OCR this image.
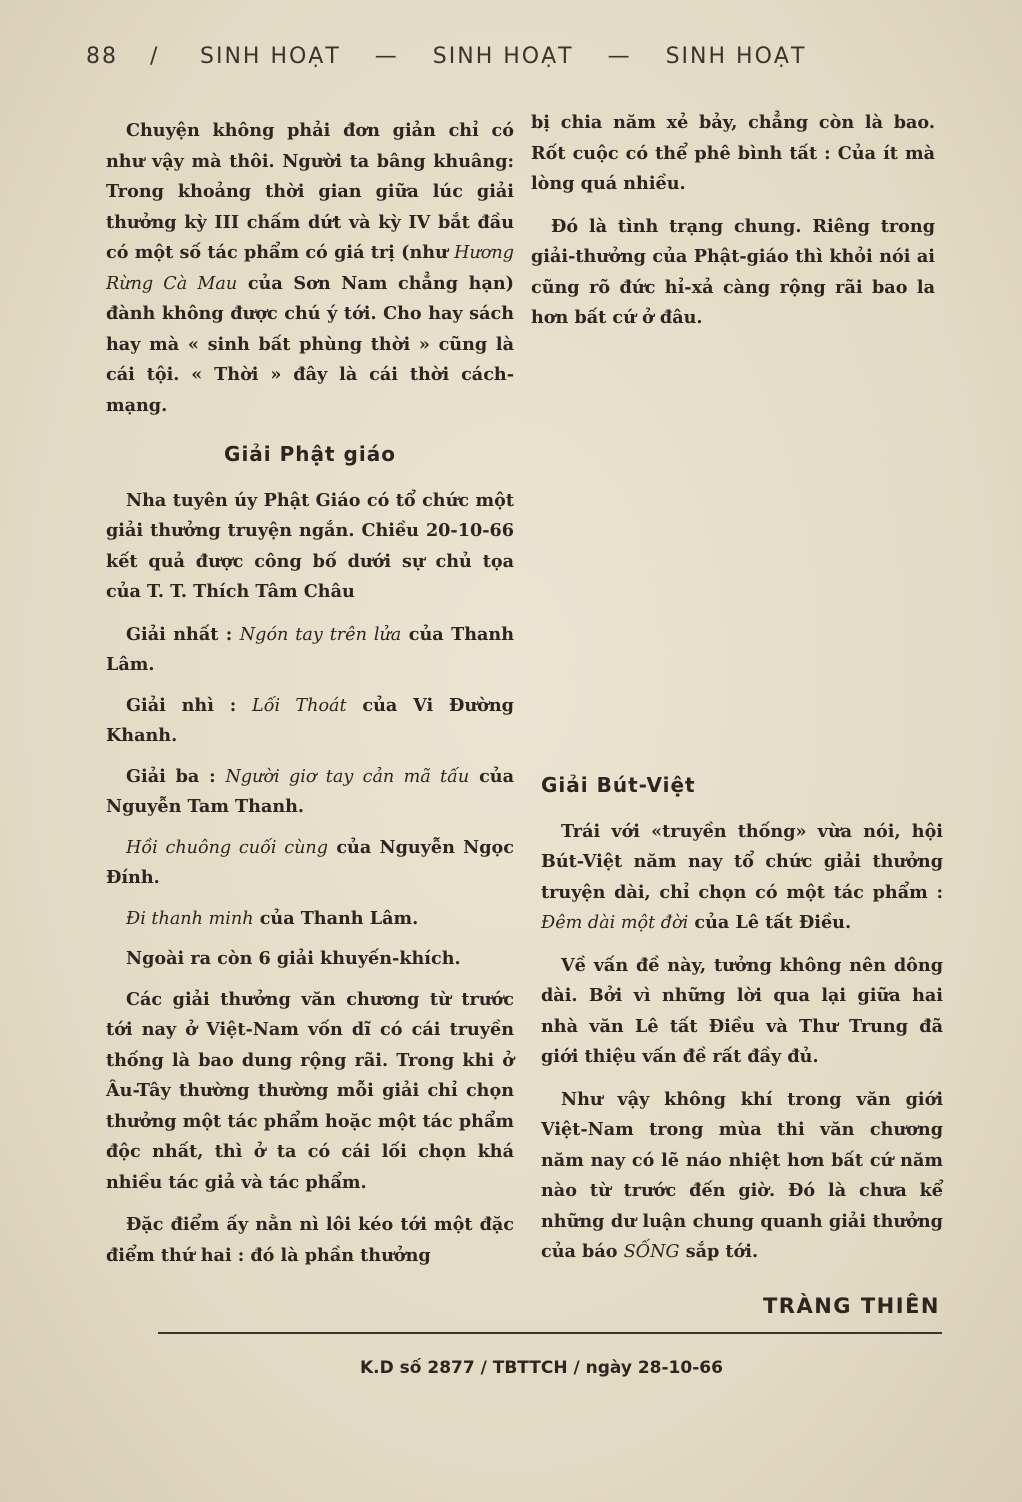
88	/	SINH HOẠT — SINH HOẠT — SINH HOẠT

Chuyện không phải đơn giản chỉ có như vậy mà thôi. Người ta bâng khuâng: Trong khoảng thời gian giữa lúc giải thưởng kỳ III chấm dứt và kỳ IV bắt đầu có một số tác phẩm có giá trị (như Hương Rừng Cà Mau của Sơn Nam chẳng hạn) đành không được chú ý tới. Cho hay sách hay mà « sinh bất phùng thời » cũng là cái tội. « Thời » đây là cái thời cách-mạng.

Giải Phật giáo

Nha tuyên úy Phật Giáo có tổ chức một giải thưởng truyện ngắn. Chiều 20-10-66 kết quả được công bố dưới sự chủ tọa của T. T. Thích Tâm Châu

Giải nhất : Ngón tay trên lửa của Thanh Lâm.

Giải nhì : Lối Thoát của Vi Đường Khanh.

Giải ba : Người giơ tay cản mã tấu của Nguyễn Tam Thanh.

Hồi chuông cuối cùng của Nguyễn Ngọc Đính.

Đi thanh minh của Thanh Lâm.

Ngoài ra còn 6 giải khuyến-khích.

Các giải thưởng văn chương từ trước tới nay ở Việt-Nam vốn dĩ có cái truyền thống là bao dung rộng rãi. Trong khi ở Âu-Tây thường thường mỗi giải chỉ chọn thưởng một tác phẩm hoặc một tác phẩm độc nhất, thì ở ta có cái lối chọn khá nhiều tác giả và tác phẩm.

Đặc điểm ấy nằn nì lôi kéo tới một đặc điểm thứ hai : đó là phần thưởng

bị chia năm xẻ bảy, chẳng còn là bao. Rốt cuộc có thể phê bình tất : Của ít mà lòng quá nhiều.

Đó là tình trạng chung. Riêng trong giải-thưởng của Phật-giáo thì khỏi nói ai cũng rõ đức hỉ-xả càng rộng rãi bao la hơn bất cứ ở đâu.

Giải Bút-Việt

Trái với «truyền thống» vừa nói, hội Bút-Việt năm nay tổ chức giải thưởng truyện dài, chỉ chọn có một tác phẩm : Đêm dài một đời của Lê tất Điều.

Về vấn đề này, tưởng không nên dông dài. Bởi vì những lời qua lại giữa hai nhà văn Lê tất Điều và Thư Trung đã giới thiệu vấn đề rất đầy đủ.

Như vậy không khí trong văn giới Việt-Nam trong mùa thi văn chương năm nay có lẽ náo nhiệt hơn bất cứ năm nào từ trước đến giờ. Đó là chưa kể những dư luận chung quanh giải thưởng của báo SỐNG sắp tới.

TRÀNG THIÊN
K.D số 2877 / TBTTCH / ngày 28-10-66
